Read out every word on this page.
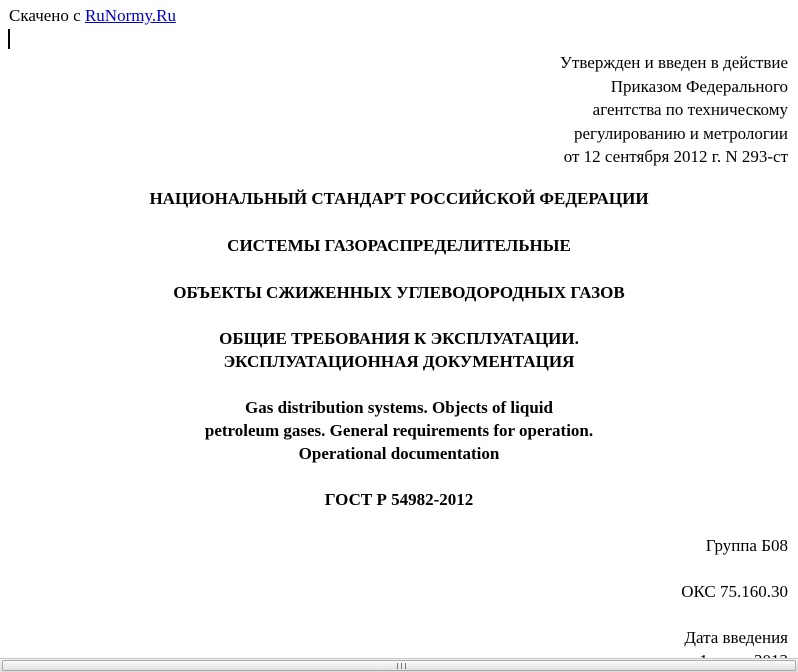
Скачено с RuNormy.Ru
Утвержден и введен в действие
Приказом Федерального
агентства по техническому
регулированию и метрологии
от 12 сентября 2012 г. N 293-ст
НАЦИОНАЛЬНЫЙ СТАНДАРТ РОССИЙСКОЙ ФЕДЕРАЦИИ
СИСТЕМЫ ГАЗОРАСПРЕДЕЛИТЕЛЬНЫЕ
ОБЪЕКТЫ СЖИЖЕННЫХ УГЛЕВОДОРОДНЫХ ГАЗОВ
ОБЩИЕ ТРЕБОВАНИЯ К ЭКСПЛУАТАЦИИ.
ЭКСПЛУАТАЦИОННАЯ ДОКУМЕНТАЦИЯ
Gas distribution systems. Objects of liquid
petroleum gases. General requirements for operation.
Operational documentation
ГОСТ Р 54982-2012
Группа Б08
ОКС 75.160.30
Дата введения
